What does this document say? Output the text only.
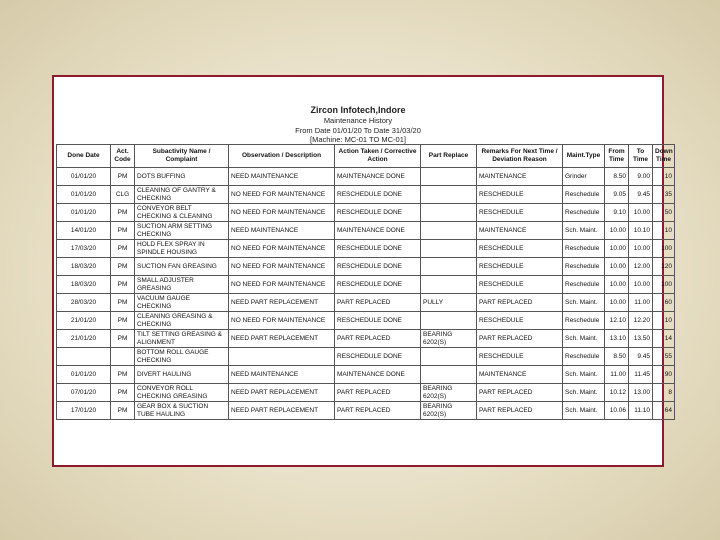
Zircon Infotech,Indore
Maintenance History
From Date 01/01/20 To Date 31/03/20
[Machine: MC-01 TO MC-01]
Done Date	Act. Code	Subactivity Name / Complaint	Observation / Description	Action Taken / Corrective Action	Part Replace	Remarks For Next Time / Deviation Reason	Maint.Type	From Time	To Time	Down Time
01/01/20	PM	DOTS BUFFING	NEED MAINTENANCE	MAINTENANCE DONE		MAINTENANCE	Grinder	8.50	9.00	10
01/01/20	CLG	CLEANING OF GANTRY & CHECKING	NO NEED FOR MAINTENANCE	RESCHEDULE DONE		RESCHEDULE	Reschedule	9.05	9.45	35
01/01/20	PM	CONVEYOR BELT CHECKING & CLEANING	NO NEED FOR MAINTENANCE	RESCHEDULE DONE		RESCHEDULE	Reschedule	9.10	10.00	50
14/01/20	PM	SUCTION ARM SETTING CHECKING	NEED MAINTENANCE	MAINTENANCE DONE		MAINTENANCE	Sch. Maint.	10.00	10.10	10
17/03/20	PM	HOLD FLEX SPRAY IN SPINDLE HOUSING	NO NEED FOR MAINTENANCE	RESCHEDULE DONE		RESCHEDULE	Reschedule	10.00	10.00	100
18/03/20	PM	SUCTION FAN GREASING	NO NEED FOR MAINTENANCE	RESCHEDULE DONE		RESCHEDULE	Reschedule	10.00	12.00	120
18/03/20	PM	SMALL ADJUSTER GREASING	NO NEED FOR MAINTENANCE	RESCHEDULE DONE		RESCHEDULE	Reschedule	10.00	10.00	100
28/03/20	PM	VACUUM GAUGE CHECKING	NEED PART REPLACEMENT	PART REPLACED	PULLY	PART REPLACED	Sch. Maint.	10.00	11.00	60
21/01/20	PM	CLEANING GREASING & CHECKING	NO NEED FOR MAINTENANCE	RESCHEDULE DONE		RESCHEDULE	Reschedule	12.10	12.20	10
21/01/20	PM	TILT SETTING GREASING & ALIGNMENT	NEED PART REPLACEMENT	PART REPLACED	BEARING 6202(S)	PART REPLACED	Sch. Maint.	13.10	13.50	14
		BOTTOM ROLL GAUGE CHECKING		RESCHEDULE DONE		RESCHEDULE	Reschedule	8.50	9.45	55
01/01/20	PM	DIVERT HAULING	NEED MAINTENANCE	MAINTENANCE DONE		MAINTENANCE	Sch. Maint.	11.00	11.45	90
07/01/20	PM	CONVEYOR ROLL CHECKING GREASING	NEED PART REPLACEMENT	PART REPLACED	BEARING 6202(S)	PART REPLACED	Sch. Maint.	10.12	13.00	8
17/01/20	PM	GEAR BOX & SUCTION TUBE HAULING	NEED PART REPLACEMENT	PART REPLACED	BEARING 6202(S)	PART REPLACED	Sch. Maint.	10.06	11.10	64
